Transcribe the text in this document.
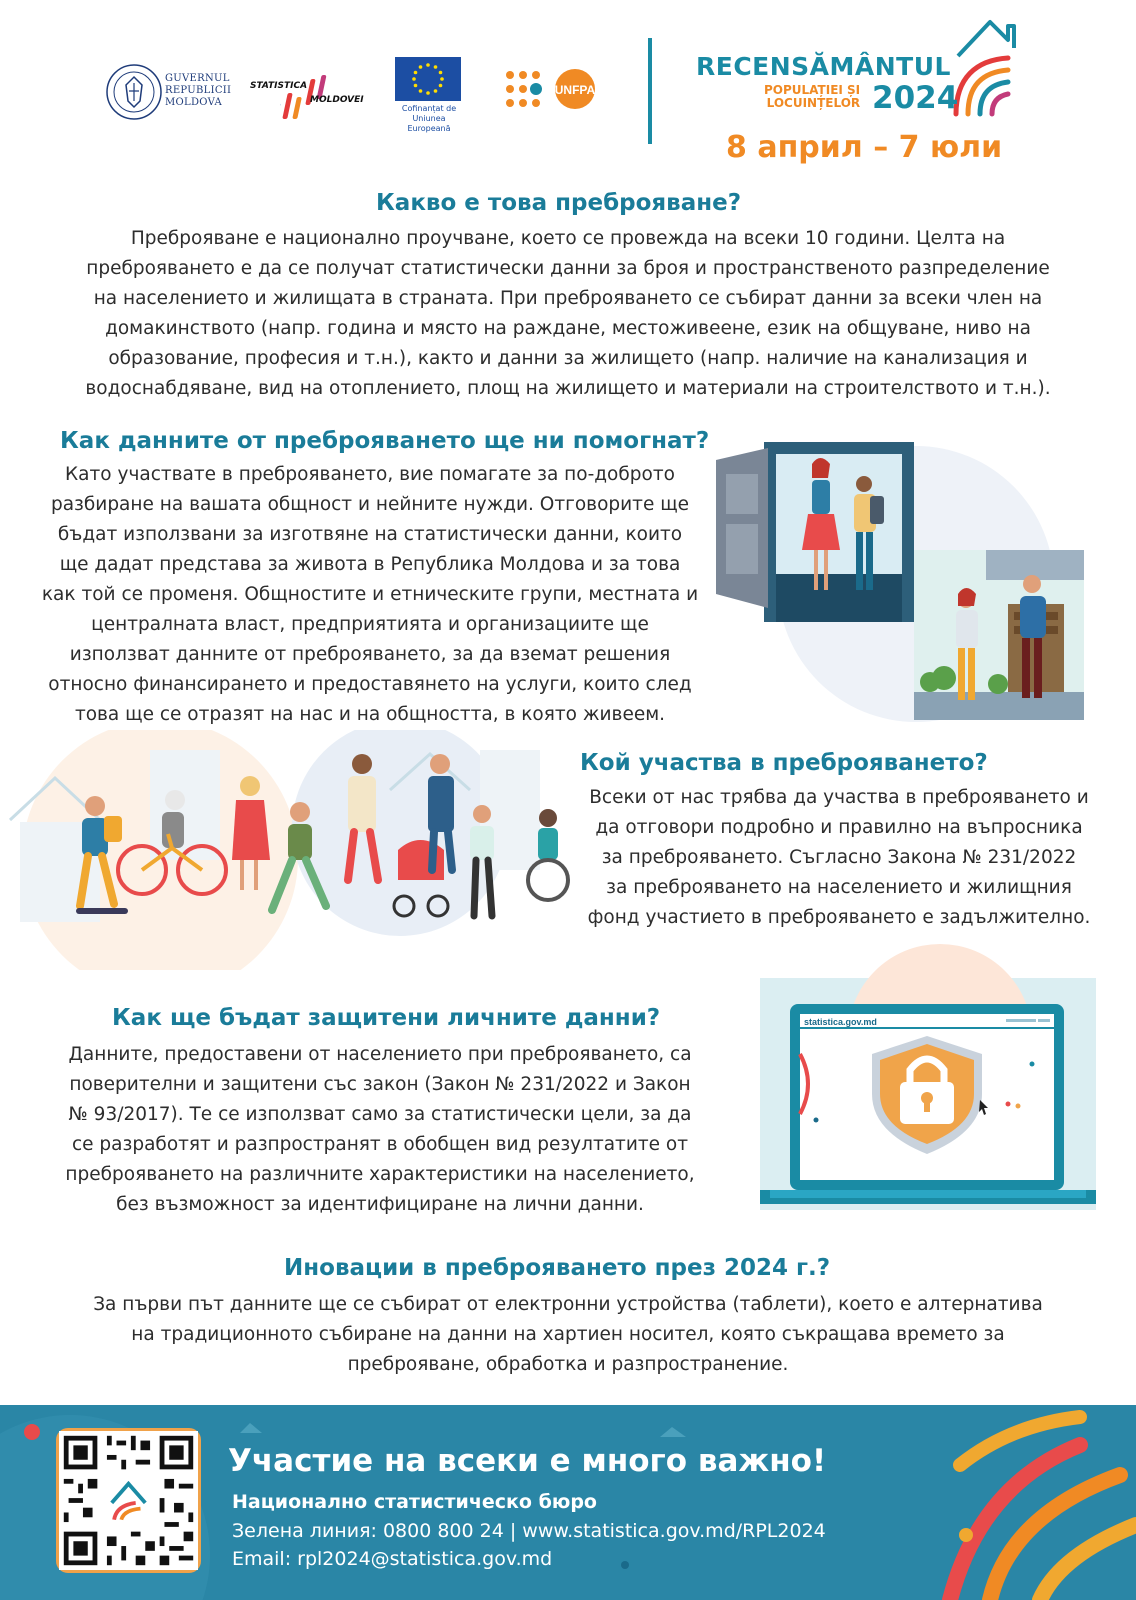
GUVERNUL
REPUBLICII
MOLDOVA
STATISTICA
MOLDOVEI
Cofinanțat de
Uniunea Europeană
UNFPA
RECENSĂMÂNTUL
POPULAȚIEI ȘI
LOCUINȚELOR 2024
8 април – 7 юли
Какво е това преброяване?

Преброяване е национално проучване, което се провежда на всеки 10 години. Целта на
преброяването е да се получат статистически данни за броя и пространственото разпределение
на населението и жилищата в страната. При преброяването се събират данни за всеки член на
домакинството (напр. година и място на раждане, местоживеене, език на общуване, ниво на
образование, професия и т.н.), както и данни за жилището (напр. наличие на канализация и
водоснабдяване, вид на отоплението, площ на жилището и материали на строителството и т.н.).

Как данните от преброяването ще ни помогнат?

Като участвате в преброяването, вие помагате за по-доброто
разбиране на вашата общност и нейните нужди. Отговорите ще
бъдат използвани за изготвяне на статистически данни, които
ще дадат представа за живота в Република Молдова и за това
как той се променя. Общностите и етническите групи, местната и
централната власт, предприятията и организациите ще
използват данните от преброяването, за да вземат решения
относно финансирането и предоставянето на услуги, които след
това ще се отразят на нас и на общността, в която живеем.

Кой участва в преброяването?

Всеки от нас трябва да участва в преброяването и
да отговори подробно и правилно на въпросника
за преброяването. Съгласно Закона № 231/2022
за преброяването на населението и жилищния
фонд участието в преброяването е задължително.

Как ще бъдат защитени личните данни?

Данните, предоставени от населението при преброяването, са
поверителни и защитени със закон (Закон № 231/2022 и Закон
№ 93/2017). Те се използват само за статистически цели, за да
се разработят и разпространят в обобщен вид резултатите от
преброяването на различните характеристики на населението,
без възможност за идентифициране на лични данни.

statistica.gov.md
Иновации в преброяването през 2024 г.?

За първи път данните ще се събират от електронни устройства (таблети), което е алтернатива
на традиционното събиране на данни на хартиен носител, която съкращава времето за
преброяване, обработка и разпространение.

Участие на всеки е много важно!
Национално статистическо бюро
Зелена линия: 0800 800 24 | www.statistica.gov.md/RPL2024
Email: rpl2024@statistica.gov.md
